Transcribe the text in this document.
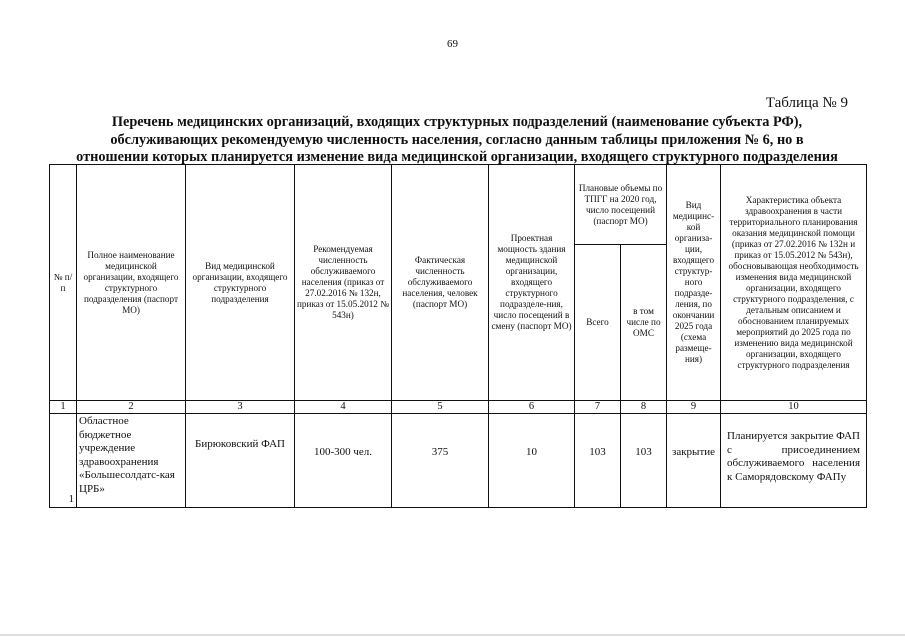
69
Таблица № 9
Перечень медицинских организаций, входящих структурных подразделений (наименование субъекта РФ),
обслуживающих рекомендуемую численность населения, согласно данным таблицы приложения № 6, но в
отношении которых планируется изменение вида медицинской организации, входящего структурного подразделения
№ п/п	Полное наименование медицинской организации, входящего структурного подразделения (паспорт МО)	Вид медицинской организации, входящего структурного подразделения	Рекомендуемая численность обслуживаемого населения (приказ от 27.02.2016 № 132н, приказ от 15.05.2012 № 543н)	Фактическая численность обслуживаемого населения, человек (паспорт МО)	Проектная мощность здания медицинской организации, входящего структурного подразделе-ния, число посещений в смену (паспорт МО)	Плановые объемы по ТПГГ на 2020 год, число посещений (паспорт МО)		Вид медицинс-кой организа-ции, входящего структур-ного подразде-ления, по окончании 2025 года (схема размеще-ния)	Характеристика объекта здравоохранения в части территориального планирования оказания медицинской помощи (приказ от 27.02.2016 № 132н и приказ от 15.05.2012 № 543н), обосновывающая необходимость изменения вида медицинской организации, входящего структурного подразделения, с детальным описанием и обоснованием планируемых мероприятий до 2025 года по изменению вида медицинской организации, входящего структурного подразделения
						Всего	в том числе по ОМС		
1	2	3	4	5	6	7	8	9	10
1	Областное бюджетное учреждение здравоохранения «Большесолдатс-кая ЦРБ»	Бирюковский ФАП	100-300 чел.	375	10	103	103	закрытие	Планируется закрытие ФАП с присоединением обслуживаемого населения к Саморядовскому ФАПу
